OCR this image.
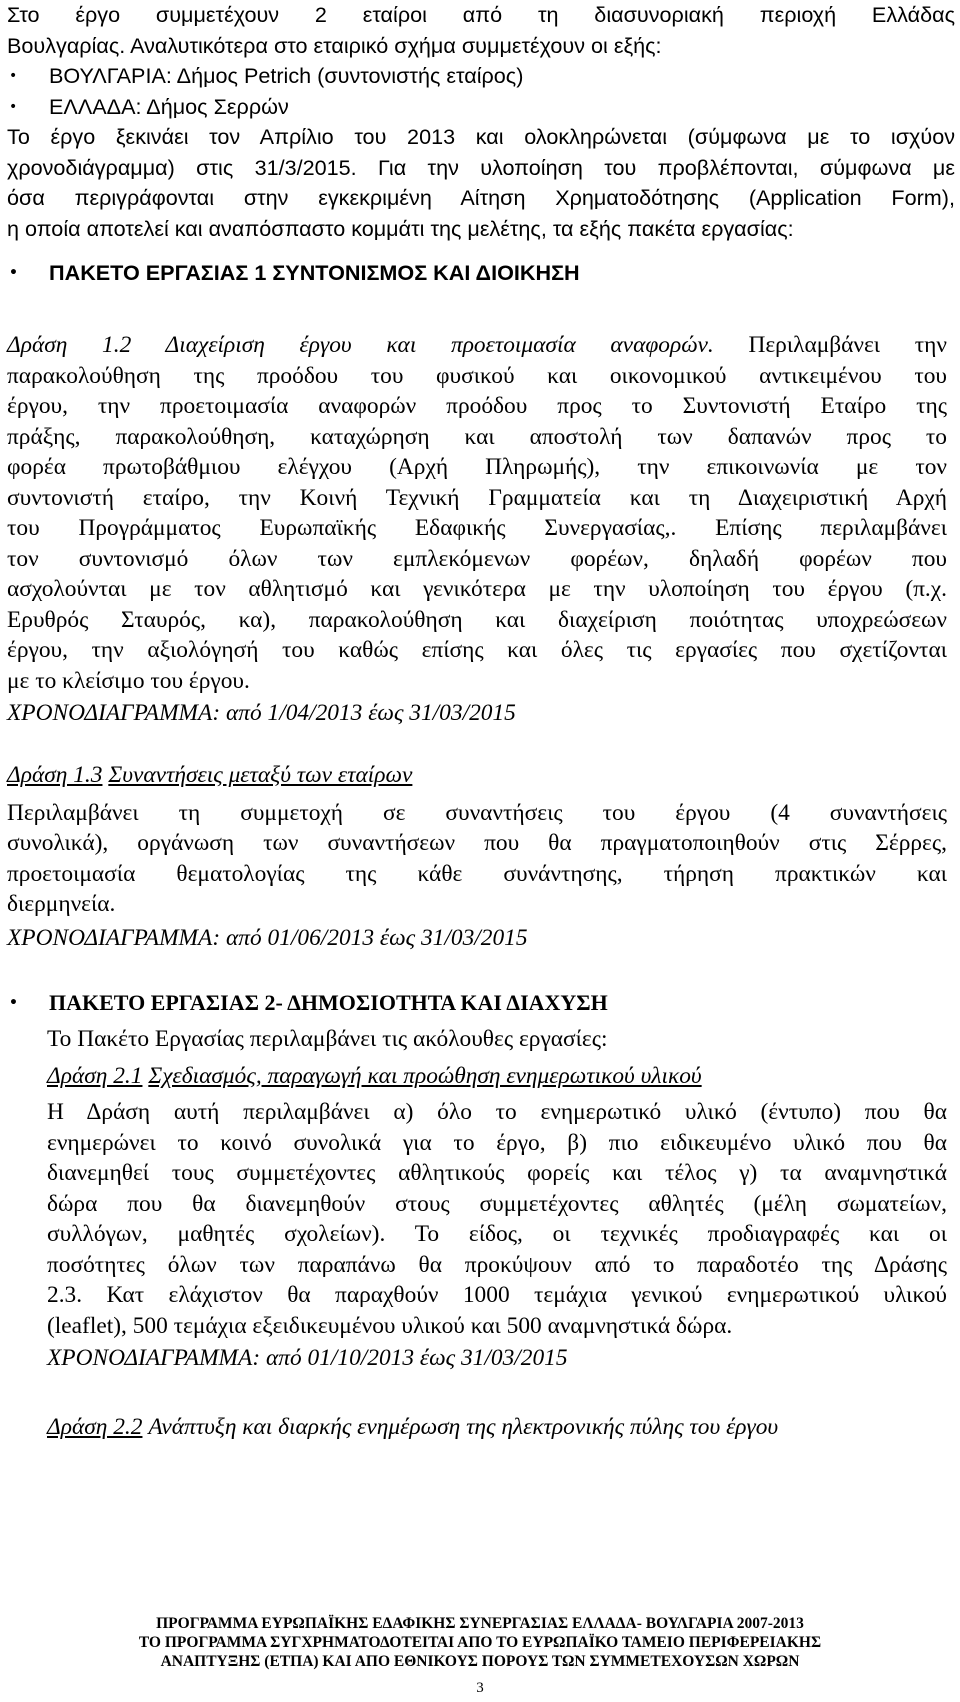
Στο έργο συμμετέχουν 2 εταίροι από τη διασυνοριακή περιοχή Ελλάδας

Βουλγαρίας. Αναλυτικότερα στο εταιρικό σχήμα συμμετέχουν οι εξής:

• ΒΟΥΛΓΑΡΙΑ: Δήμος Petrich (συντονιστής εταίρος)

• ΕΛΛΑΔΑ: Δήμος Σερρών

Το έργο ξεκινάει τον Απρίλιο του 2013 και ολοκληρώνεται (σύμφωνα με το ισχύον

χρονοδιάγραμμα) στις 31/3/2015. Για την υλοποίηση του προβλέπονται, σύμφωνα με

όσα περιγράφονται στην εγκεκριμένη Αίτηση Χρηματοδότησης (Application Form),

η οποία αποτελεί και αναπόσπαστο κομμάτι της μελέτης, τα εξής πακέτα εργασίας:

• ΠΑΚΕΤΟ ΕΡΓΑΣΙΑΣ 1 ΣΥΝΤΟΝΙΣΜΟΣ ΚΑΙ ΔΙΟΙΚΗΣΗ

Δράση 1.2 Διαχείριση έργου και προετοιμασία αναφορών. Περιλαμβάνει την

παρακολούθηση της προόδου του φυσικού και οικονομικού αντικειμένου του

έργου, την προετοιμασία αναφορών προόδου προς το Συντονιστή Εταίρο της

πράξης, παρακολούθηση, καταχώρηση και αποστολή των δαπανών προς το

φορέα πρωτοβάθμιου ελέγχου (Αρχή Πληρωμής), την επικοινωνία με τον

συντονιστή εταίρο, την Κοινή Τεχνική Γραμματεία και τη Διαχειριστική Αρχή

του Προγράμματος Ευρωπαϊκής Εδαφικής Συνεργασίας,. Επίσης περιλαμβάνει

τον συντονισμό όλων των εμπλεκόμενων φορέων, δηλαδή φορέων που

ασχολούνται με τον αθλητισμό και γενικότερα με την υλοποίηση του έργου (π.χ.

Ερυθρός Σταυρός, κα), παρακολούθηση και διαχείριση ποιότητας υποχρεώσεων

έργου, την αξιολόγησή του καθώς επίσης και όλες τις εργασίες που σχετίζονται

με το κλείσιμο του έργου.

ΧΡΟΝΟΔΙΑΓΡΑΜΜΑ: από 1/04/2013 έως 31/03/2015

Δράση 1.3 Συναντήσεις μεταξύ των εταίρων

Περιλαμβάνει τη συμμετοχή σε συναντήσεις του έργου (4 συναντήσεις

συνολικά), οργάνωση των συναντήσεων που θα πραγματοποιηθούν στις Σέρρες,

προετοιμασία θεματολογίας της κάθε συνάντησης, τήρηση πρακτικών και

διερμηνεία.

ΧΡΟΝΟΔΙΑΓΡΑΜΜΑ: από 01/06/2013 έως 31/03/2015

• ΠΑΚΕΤΟ ΕΡΓΑΣΙΑΣ 2- ΔΗΜΟΣΙΟΤΗΤΑ ΚΑΙ ΔΙΑΧΥΣΗ

Το Πακέτο Εργασίας περιλαμβάνει τις ακόλουθες εργασίες:

Δράση 2.1 Σχεδιασμός, παραγωγή και προώθηση ενημερωτικού υλικού

Η Δράση αυτή περιλαμβάνει α) όλο το ενημερωτικό υλικό (έντυπο) που θα

ενημερώνει το κοινό συνολικά για το έργο, β) πιο ειδικευμένο υλικό που θα

διανεμηθεί τους συμμετέχοντες αθλητικούς φορείς και τέλος γ) τα αναμνηστικά

δώρα που θα διανεμηθούν στους συμμετέχοντες αθλητές (μέλη σωματείων,

συλλόγων, μαθητές σχολείων). Το είδος, οι τεχνικές προδιαγραφές και οι

ποσότητες όλων των παραπάνω θα προκύψουν από το παραδοτέο της Δράσης

2.3. Κατ ελάχιστον θα παραχθούν 1000 τεμάχια γενικού ενημερωτικού υλικού

(leaflet), 500 τεμάχια εξειδικευμένου υλικού και 500 αναμνηστικά δώρα.

ΧΡΟΝΟΔΙΑΓΡΑΜΜΑ: από 01/10/2013 έως 31/03/2015

Δράση 2.2 Ανάπτυξη και διαρκής ενημέρωση της ηλεκτρονικής πύλης του έργου

ΠΡΟΓΡΑΜΜΑ ΕΥΡΩΠΑΪΚΗΣ ΕΔΑΦΙΚΗΣ ΣΥΝΕΡΓΑΣΙΑΣ ΕΛΛΑΔΑ- ΒΟΥΛΓΑΡΙΑ 2007-2013
ΤΟ ΠΡΟΓΡΑΜΜΑ ΣΥΓΧΡΗΜΑΤΟΔΟΤΕΙΤΑΙ ΑΠΟ ΤΟ ΕΥΡΩΠΑΪΚΟ ΤΑΜΕΙΟ ΠΕΡΙΦΕΡΕΙΑΚΗΣ
ΑΝΑΠΤΥΞΗΣ (ΕΤΠΑ) ΚΑΙ ΑΠΟ ΕΘΝΙΚΟΥΣ ΠΟΡΟΥΣ ΤΩΝ ΣΥΜΜΕΤΕΧΟΥΣΩΝ ΧΩΡΩΝ
3
